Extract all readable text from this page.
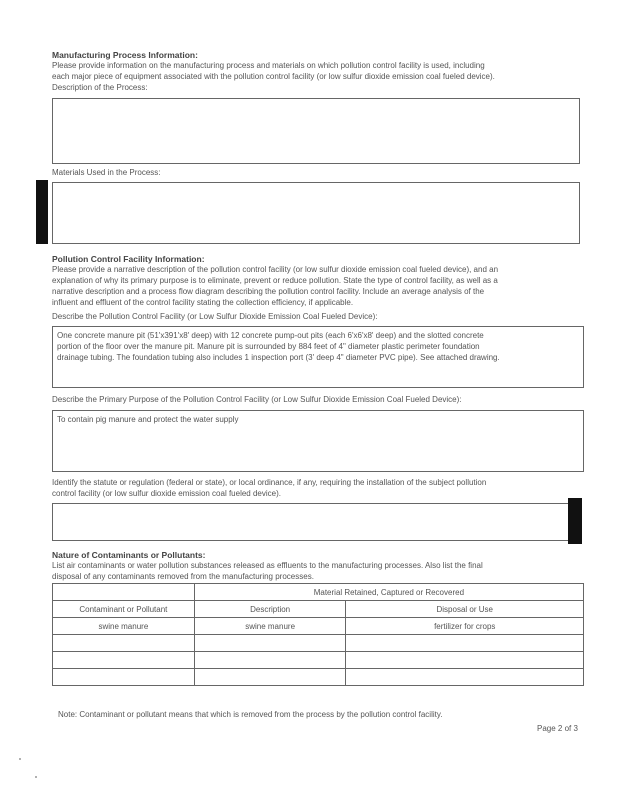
Manufacturing Process Information:
Please provide information on the manufacturing process and materials on which pollution control facility is used, including
each major piece of equipment associated with the pollution control facility (or low sulfur dioxide emission coal fueled device).
Description of the Process:
Materials Used in the Process:
Pollution Control Facility Information:
Please provide a narrative description of the pollution control facility (or low sulfur dioxide emission coal fueled device), and an
explanation of why its primary purpose is to eliminate, prevent or reduce pollution. State the type of control facility, as well as a
narrative description and a process flow diagram describing the pollution control facility. Include an average analysis of the
influent and effluent of the control facility stating the collection efficiency, if applicable.
Describe the Pollution Control Facility (or Low Sulfur Dioxide Emission Coal Fueled Device):
One concrete manure pit (51'x391'x8' deep) with 12 concrete pump-out pits (each 6'x6'x8' deep) and the slotted concrete
portion of the floor over the manure pit. Manure pit is surrounded by 884 feet of 4" diameter plastic perimeter foundation
drainage tubing. The foundation tubing also includes 1 inspection port (3' deep 4" diameter PVC pipe). See attached drawing.
Describe the Primary Purpose of the Pollution Control Facility (or Low Sulfur Dioxide Emission Coal Fueled Device):
To contain pig manure and protect the water supply
Identify the statute or regulation (federal or state), or local ordinance, if any, requiring the installation of the subject pollution
control facility (or low sulfur dioxide emission coal fueled device).
Nature of Contaminants or Pollutants:
List air contaminants or water pollution substances released as effluents to the manufacturing processes. Also list the final
disposal of any contaminants removed from the manufacturing processes.
	Material Retained, Captured or Recovered	
Contaminant or Pollutant	Description	Disposal or Use
swine manure	swine manure	fertilizer for crops

Note: Contaminant or pollutant means that which is removed from the process by the pollution control facility.
Page 2 of 3
